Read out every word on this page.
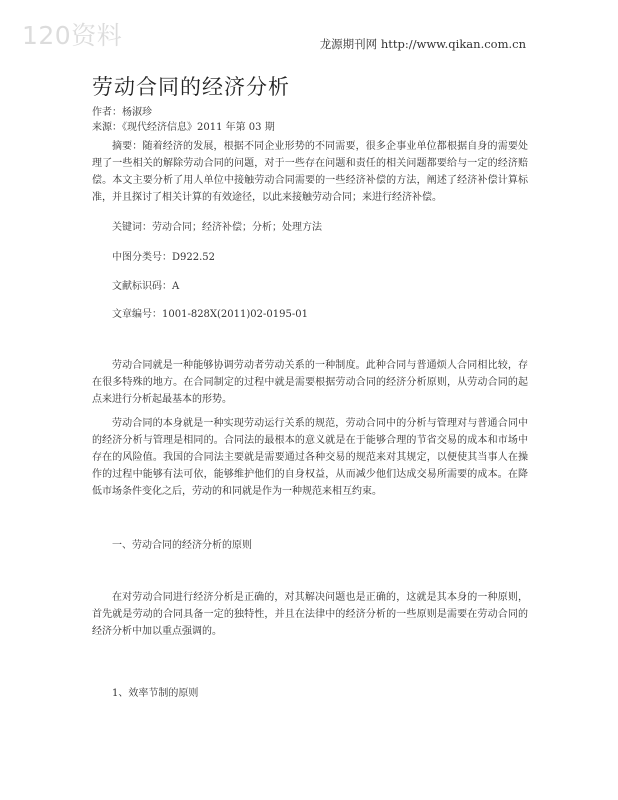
120资料	龙源期刊网 http://www.qikan.com.cn
劳动合同的经济分析
作者：杨淑珍
来源：《现代经济信息》2011 年第 03 期

摘要：随着经济的发展，根据不同企业形势的不同需要，很多企事业单位都根据自身的需要处理了一些相关的解除劳动合同的问题，对于一些存在问题和责任的相关问题都要给与一定的经济赔偿。本文主要分析了用人单位中接触劳动合同需要的一些经济补偿的方法，阐述了经济补偿计算标准，并且探讨了相关计算的有效途径，以此来接触劳动合同；来进行经济补偿。

关键词：劳动合同；经济补偿；分析；处理方法
中图分类号：D922.52
文献标识码：A
文章编号：1001-828X(2011)02-0195-01

劳动合同就是一种能够协调劳动者劳动关系的一种制度。此种合同与普通烦人合同相比较，存在很多特殊的地方。在合同制定的过程中就是需要根据劳动合同的经济分析原则，从劳动合同的起点来进行分析起最基本的形势。

劳动合同的本身就是一种实现劳动运行关系的规范，劳动合同中的分析与管理对与普通合同中的经济分析与管理是相同的。合同法的最根本的意义就是在于能够合理的节省交易的成本和市场中存在的风险值。我国的合同法主要就是需要通过各种交易的规范来对其规定，以便使其当事人在操作的过程中能够有法可依，能够维护他们的自身权益，从而减少他们达成交易所需要的成本。在降低市场条件变化之后，劳动的和同就是作为一种规范来相互约束。

一、劳动合同的经济分析的原则

在对劳动合同进行经济分析是正确的，对其解决问题也是正确的，这就是其本身的一种原则，首先就是劳动的合同具备一定的独特性，并且在法律中的经济分析的一些原则是需要在劳动合同的经济分析中加以重点强调的。

1、效率节制的原则
